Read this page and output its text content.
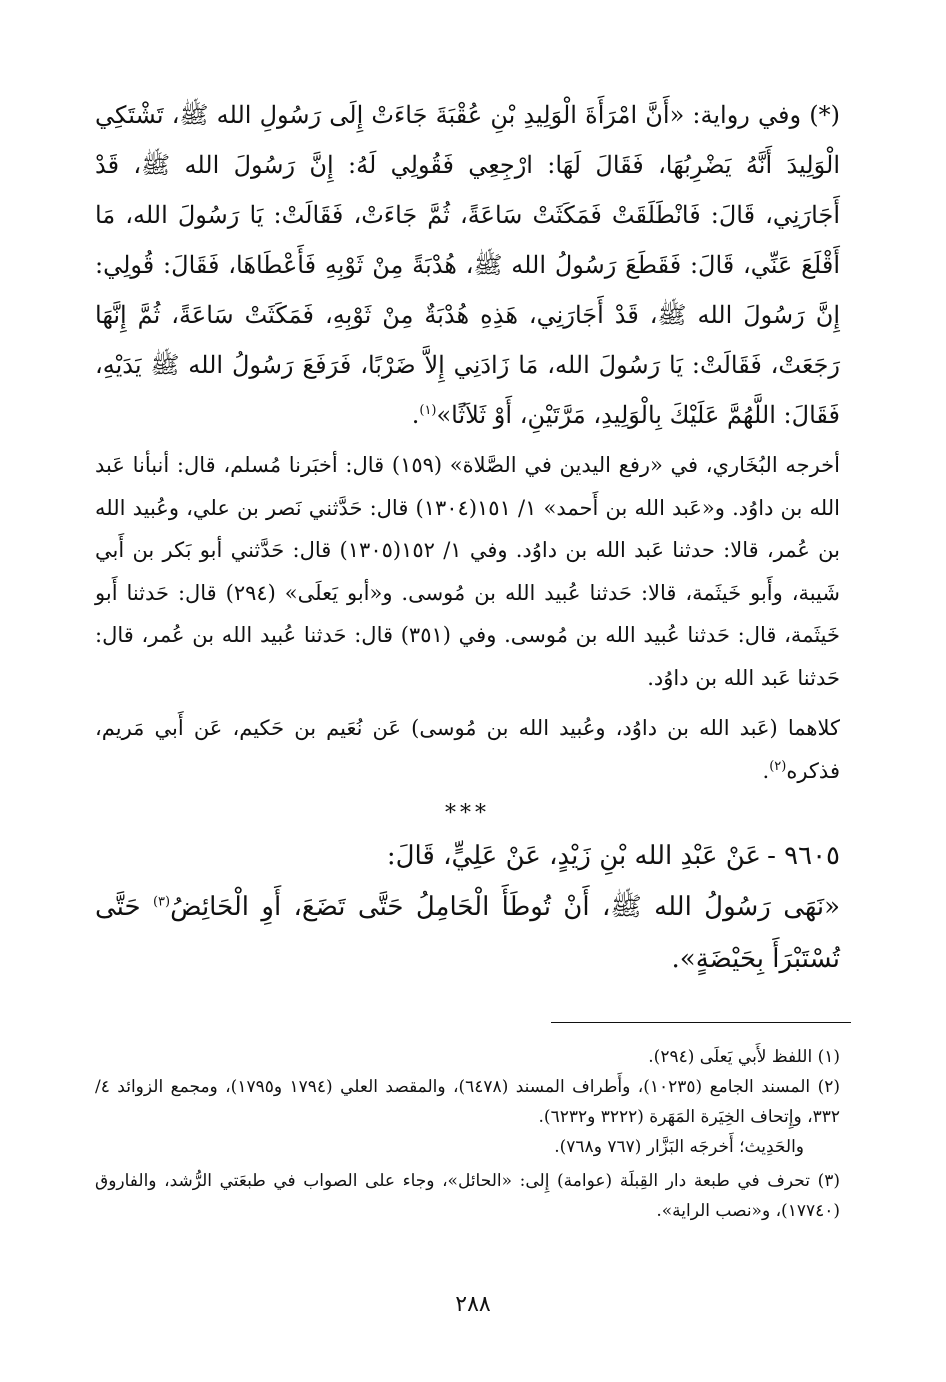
(*) وفي رواية: «أَنَّ امْرَأَةَ الْوَلِيدِ بْنِ عُقْبَةَ جَاءَتْ إِلَى رَسُولِ الله ﷺ، تَشْتَكِي الْوَلِيدَ أَنَّهُ يَضْرِبُهَا، فَقَالَ لَهَا: ارْجِعِي فَقُولِي لَهُ: إِنَّ رَسُولَ الله ﷺ، قَدْ أَجَارَنِي، قَالَ: فَانْطَلَقَتْ فَمَكَثَتْ سَاعَةً، ثُمَّ جَاءَتْ، فَقَالَتْ: يَا رَسُولَ الله، مَا أَقْلَعَ عَنِّي، قَالَ: فَقَطَعَ رَسُولُ الله ﷺ، هُدْبَةً مِنْ ثَوْبِهِ فَأَعْطَاهَا، فَقَالَ: قُولِي: إِنَّ رَسُولَ الله ﷺ، قَدْ أَجَارَنِي، هَذِهِ هُدْبَةٌ مِنْ ثَوْبِهِ، فَمَكَثَتْ سَاعَةً، ثُمَّ إِنَّهَا رَجَعَتْ، فَقَالَتْ: يَا رَسُولَ الله، مَا زَادَنِي إِلاَّ ضَرْبًا، فَرَفَعَ رَسُولُ الله ﷺ يَدَيْهِ، فَقَالَ: اللَّهُمَّ عَلَيْكَ بِالْوَلِيدِ، مَرَّتَيْنِ، أَوْ ثَلاَثًا»$^{(١)}$.

أخرجه البُخَاري، في «رفع اليدين في الصَّلاة» (١٥٩) قال: أخبَرنا مُسلم، قال: أنبأنا عَبد الله بن داوُد. و«عَبد الله بن أَحمد» ١/ ١٥١(١٣٠٤) قال: حَدَّثني نَصر بن علي، وعُبيد الله بن عُمر، قالا: حدثنا عَبد الله بن داوُد. وفي ١/ ١٥٢(١٣٠٥) قال: حَدَّثني أبو بَكر بن أَبي شَيبة، وأَبو خَيثَمة، قالا: حَدثنا عُبيد الله بن مُوسى. و«أبو يَعلَى» (٢٩٤) قال: حَدثنا أَبو خَيثَمة، قال: حَدثنا عُبيد الله بن مُوسى. وفي (٣٥١) قال: حَدثنا عُبيد الله بن عُمر، قال: حَدثنا عَبد الله بن داوُد.

كلاهما (عَبد الله بن داوُد، وعُبيد الله بن مُوسى) عَن نُعَيم بن حَكيم، عَن أَبي مَريم، فذكره$^{(٢)}$.

***

٩٦٠٥ -عَنْ عَبْدِ الله بْنِ زَيْدٍ، عَنْ عَلِيٍّ، قَالَ:

«نَهَى رَسُولُ الله ﷺ، أَنْ تُوطَأَ الْحَامِلُ حَتَّى تَضَعَ، أَوِ الْحَائِضُ$^{(٣)}$ حَتَّى تُسْتَبْرَأَ بِحَيْضَةٍ».

(١) اللفظ لأَبي يَعلَى (٢٩٤).

(٢) المسند الجامع (١٠٢٣٥)، وأَطراف المسند (٦٤٧٨)، والمقصد العلي (١٧٩٤ و١٧٩٥)، ومجمع الزوائد ٤/ ٣٣٢، وإِتحاف الخِيَرة المَهَرة (٣٢٢٢ و٦٢٣٢).

والحَدِيث؛ أَخرجَه البَزَّار (٧٦٧ و٧٦٨).

(٣) تحرف في طبعة دار القِبلَة (عوامة) إِلى: «الحائل»، وجاء على الصواب في طبعَتي الرُّشد، والفاروق (١٧٧٤٠)، و«نصب الراية».

٢٨٨
